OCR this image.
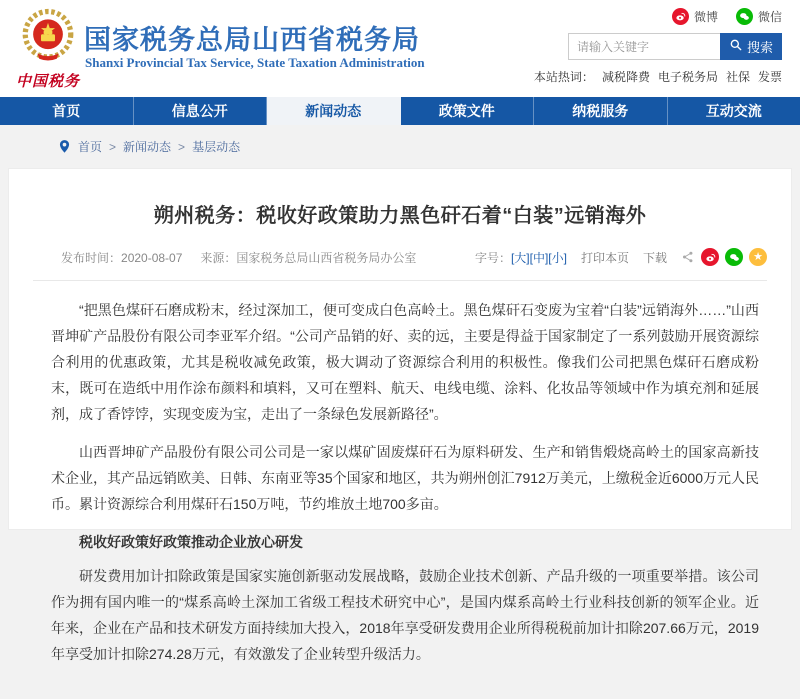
中国税务
国家税务总局山西省税务局
Shanxi Provincial Tax Service, State Taxation Administration
微博	微信
请输入关键字
搜索
本站热词： 减税降费 电子税务局 社保 发票
首页	信息公开	新闻动态	政策文件	纳税服务	互动交流
首页 > 新闻动态 > 基层动态
朔州税务：税收好政策助力黑色矸石着“白装”远销海外
发布时间：2020-08-07 来源：国家税务总局山西省税务局办公室	字号：[大][中][小] 打印本页 下载	★

“把黑色煤矸石磨成粉末，经过深加工，便可变成白色高岭土。黑色煤矸石变废为宝着“白装”远销海外……”山西晋坤矿产品股份有限公司李亚军介绍。“公司产品销的好、卖的远，主要是得益于国家制定了一系列鼓励开展资源综合利用的优惠政策，尤其是税收减免政策，极大调动了资源综合利用的积极性。像我们公司把黑色煤矸石磨成粉末，既可在造纸中用作涂布颜料和填料，又可在塑料、航天、电线电缆、涂料、化妆品等领域中作为填充剂和延展剂，成了香饽饽，实现变废为宝，走出了一条绿色发展新路径”。

山西晋坤矿产品股份有限公司公司是一家以煤矿固废煤矸石为原料研发、生产和销售煅烧高岭土的国家高新技术企业，其产品远销欧美、日韩、东南亚等35个国家和地区，共为朔州创汇7912万美元，上缴税金近6000万元人民币。累计资源综合利用煤矸石150万吨，节约堆放土地700多亩。

税收好政策好政策推动企业放心研发

研发费用加计扣除政策是国家实施创新驱动发展战略，鼓励企业技术创新、产品升级的一项重要举措。该公司作为拥有国内唯一的“煤系高岭土深加工省级工程技术研究中心”，是国内煤系高岭土行业科技创新的领军企业。近年来，企业在产品和技术研发方面持续加大投入，2018年享受研发费用企业所得税税前加计扣除207.66万元，2019年享受加计扣除274.28万元，有效激发了企业转型升级活力。
